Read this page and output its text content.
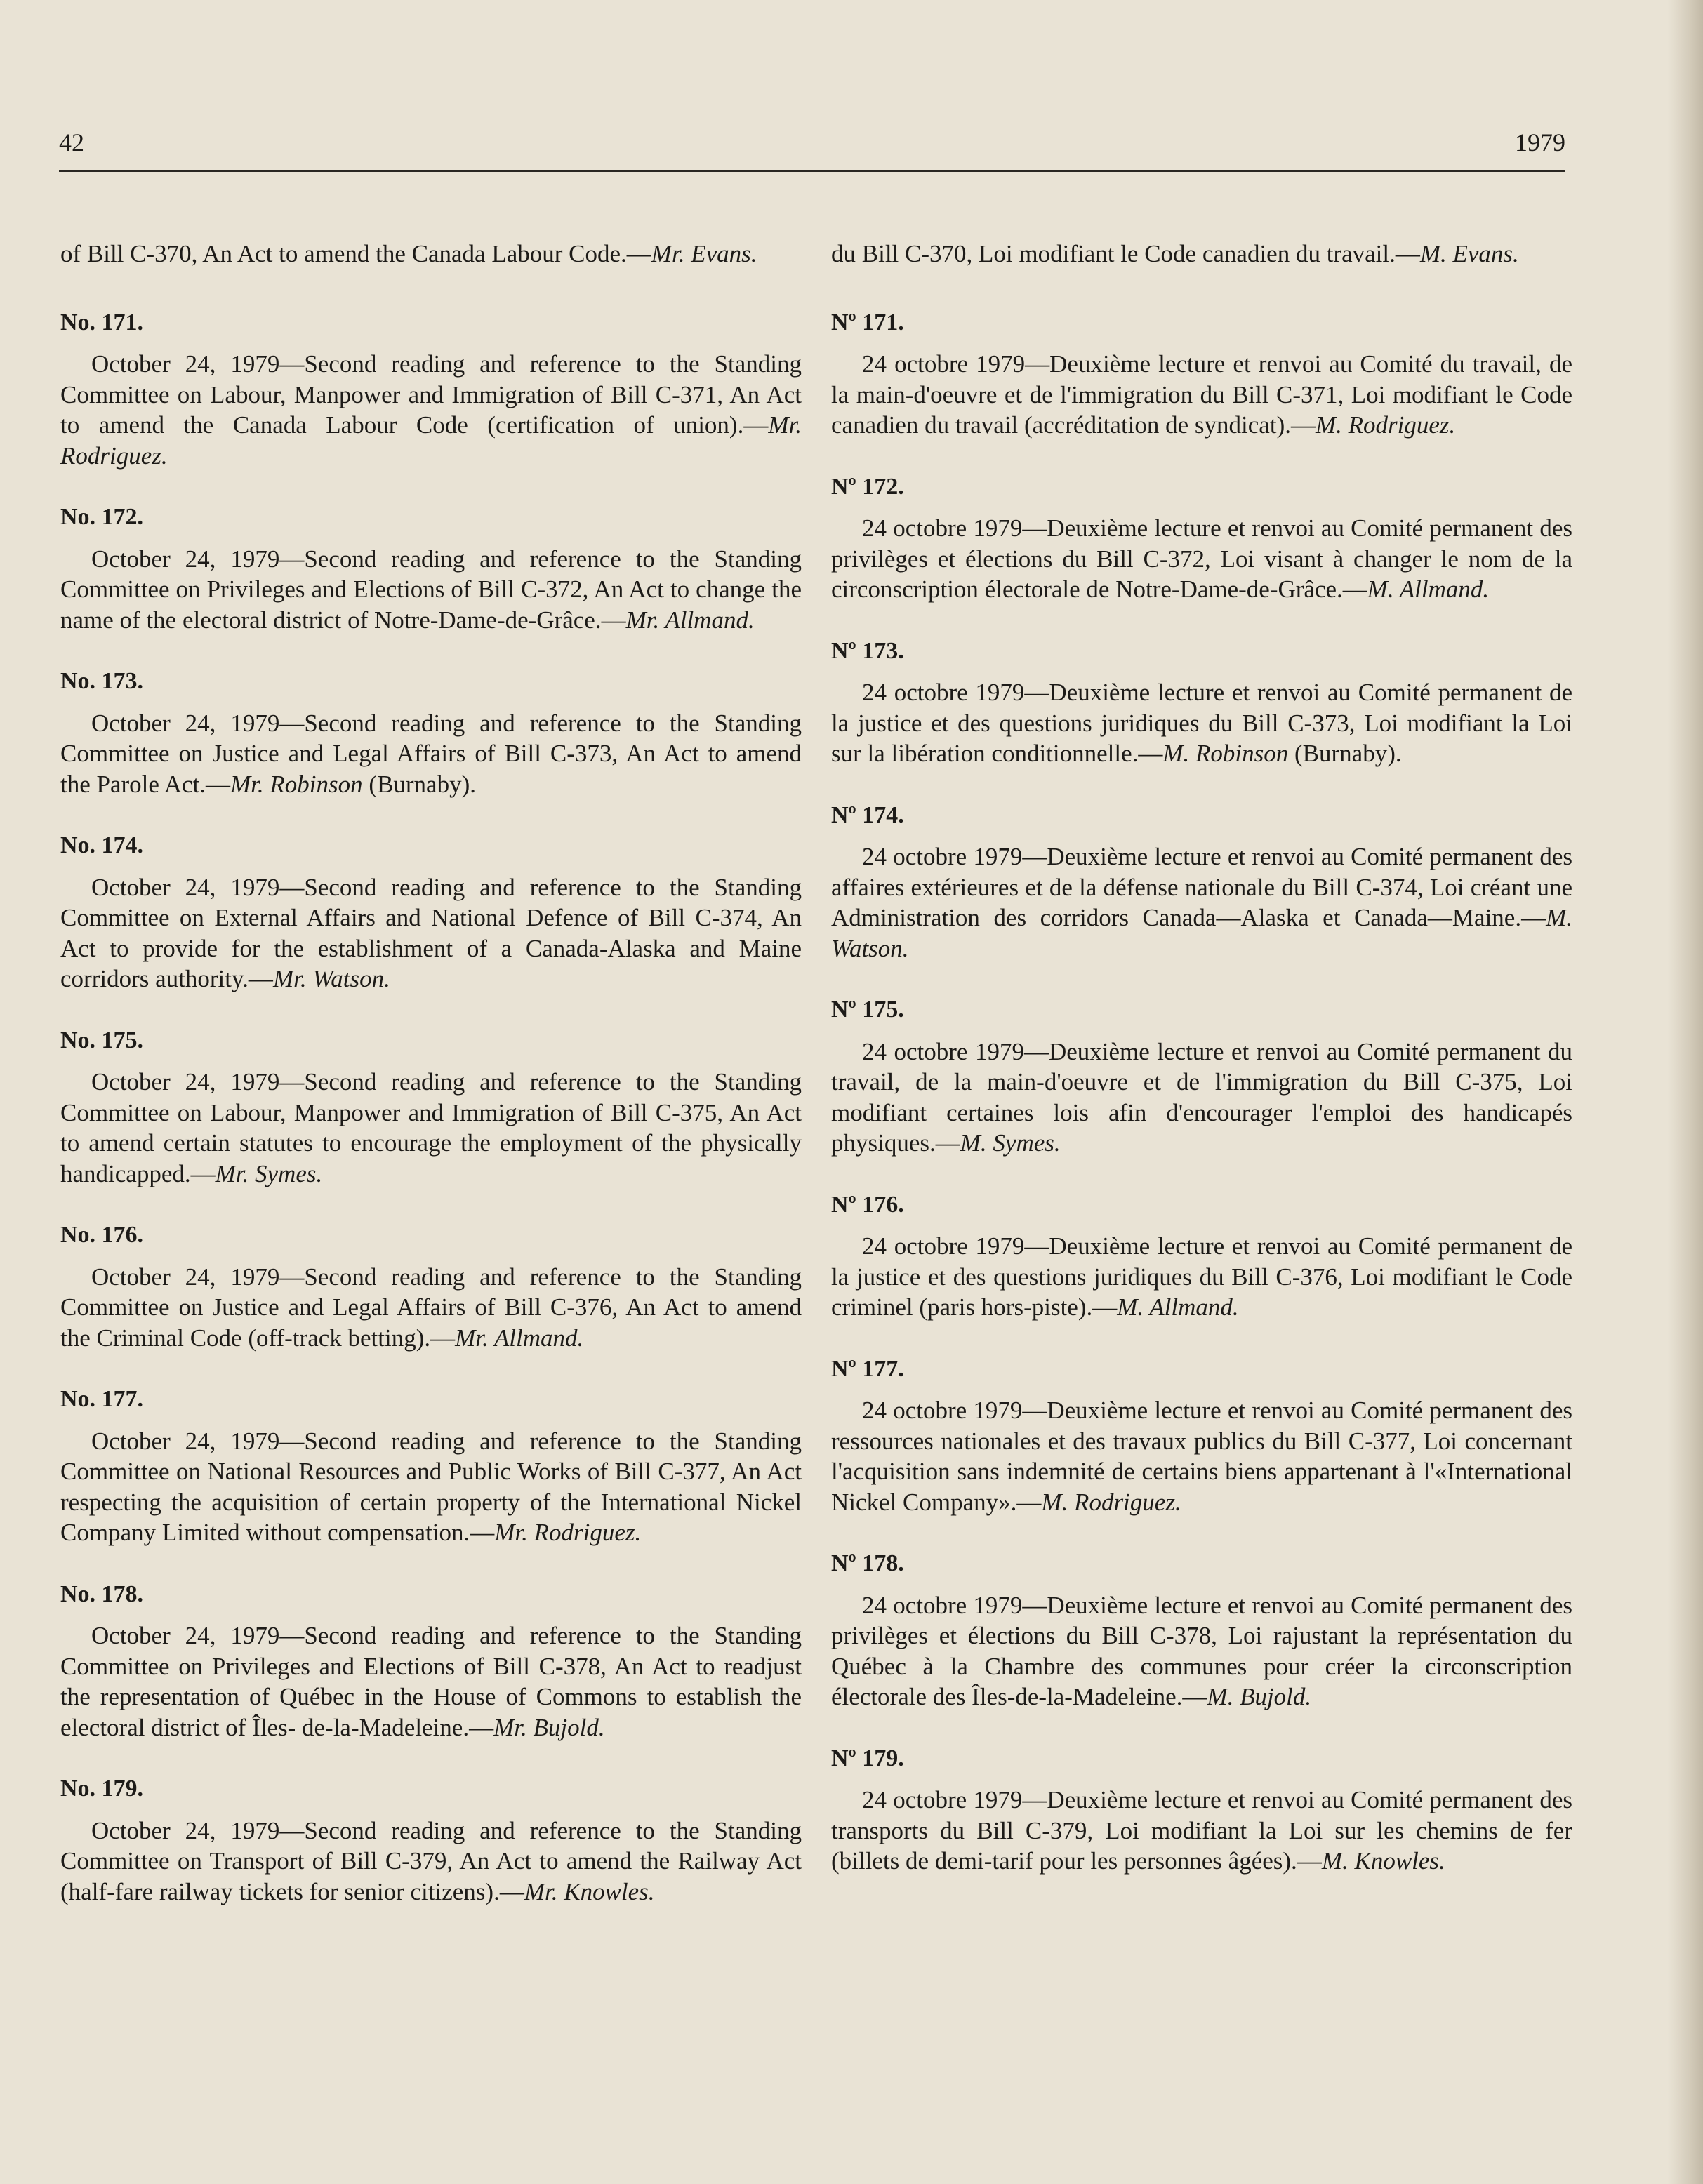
42	1979

of Bill C-370, An Act to amend the Canada Labour Code.—Mr. Evans.

No. 171.

October 24, 1979—Second reading and reference to the Standing Committee on Labour, Manpower and Immigration of Bill C-371, An Act to amend the Canada Labour Code (certification of union).—Mr. Rodriguez.

No. 172.

October 24, 1979—Second reading and reference to the Standing Committee on Privileges and Elections of Bill C-372, An Act to change the name of the electoral district of Notre-Dame-de-Grâce.—Mr. Allmand.

No. 173.

October 24, 1979—Second reading and reference to the Standing Committee on Justice and Legal Affairs of Bill C-373, An Act to amend the Parole Act.—Mr. Robinson (Burnaby).

No. 174.

October 24, 1979—Second reading and reference to the Standing Committee on External Affairs and National Defence of Bill C-374, An Act to provide for the establishment of a Canada-Alaska and Maine corridors authority.—Mr. Watson.

No. 175.

October 24, 1979—Second reading and reference to the Standing Committee on Labour, Manpower and Immigration of Bill C-375, An Act to amend certain statutes to encourage the employment of the physically handicapped.—Mr. Symes.

No. 176.

October 24, 1979—Second reading and reference to the Standing Committee on Justice and Legal Affairs of Bill C-376, An Act to amend the Criminal Code (off-track betting).—Mr. Allmand.

No. 177.

October 24, 1979—Second reading and reference to the Standing Committee on National Resources and Public Works of Bill C-377, An Act respecting the acquisition of certain property of the International Nickel Company Limited without compensation.—Mr. Rodriguez.

No. 178.

October 24, 1979—Second reading and reference to the Standing Committee on Privileges and Elections of Bill C-378, An Act to readjust the representation of Québec in the House of Commons to establish the electoral district of Îles- de-la-Madeleine.—Mr. Bujold.

No. 179.

October 24, 1979—Second reading and reference to the Standing Committee on Transport of Bill C-379, An Act to amend the Railway Act (half-fare railway tickets for senior citizens).—Mr. Knowles.

du Bill C-370, Loi modifiant le Code canadien du travail.—M. Evans.

Nº 171.

24 octobre 1979—Deuxième lecture et renvoi au Comité du travail, de la main-d'oeuvre et de l'immigration du Bill C-371, Loi modifiant le Code canadien du travail (accréditation de syndicat).—M. Rodriguez.

Nº 172.

24 octobre 1979—Deuxième lecture et renvoi au Comité permanent des privilèges et élections du Bill C-372, Loi visant à changer le nom de la circonscription électorale de Notre-Dame-de-Grâce.—M. Allmand.

Nº 173.

24 octobre 1979—Deuxième lecture et renvoi au Comité permanent de la justice et des questions juridiques du Bill C-373, Loi modifiant la Loi sur la libération conditionnelle.—M. Robinson (Burnaby).

Nº 174.

24 octobre 1979—Deuxième lecture et renvoi au Comité permanent des affaires extérieures et de la défense nationale du Bill C-374, Loi créant une Administration des corridors Canada—Alaska et Canada—Maine.—M. Watson.

Nº 175.

24 octobre 1979—Deuxième lecture et renvoi au Comité permanent du travail, de la main-d'oeuvre et de l'immigration du Bill C-375, Loi modifiant certaines lois afin d'encourager l'emploi des handicapés physiques.—M. Symes.

Nº 176.

24 octobre 1979—Deuxième lecture et renvoi au Comité permanent de la justice et des questions juridiques du Bill C-376, Loi modifiant le Code criminel (paris hors-piste).—M. Allmand.

Nº 177.

24 octobre 1979—Deuxième lecture et renvoi au Comité permanent des ressources nationales et des travaux publics du Bill C-377, Loi concernant l'acquisition sans indemnité de certains biens appartenant à l'«International Nickel Company».—M. Rodriguez.

Nº 178.

24 octobre 1979—Deuxième lecture et renvoi au Comité permanent des privilèges et élections du Bill C-378, Loi rajustant la représentation du Québec à la Chambre des communes pour créer la circonscription électorale des Îles-de-la-Madeleine.—M. Bujold.

Nº 179.

24 octobre 1979—Deuxième lecture et renvoi au Comité permanent des transports du Bill C-379, Loi modifiant la Loi sur les chemins de fer (billets de demi-tarif pour les personnes âgées).—M. Knowles.
